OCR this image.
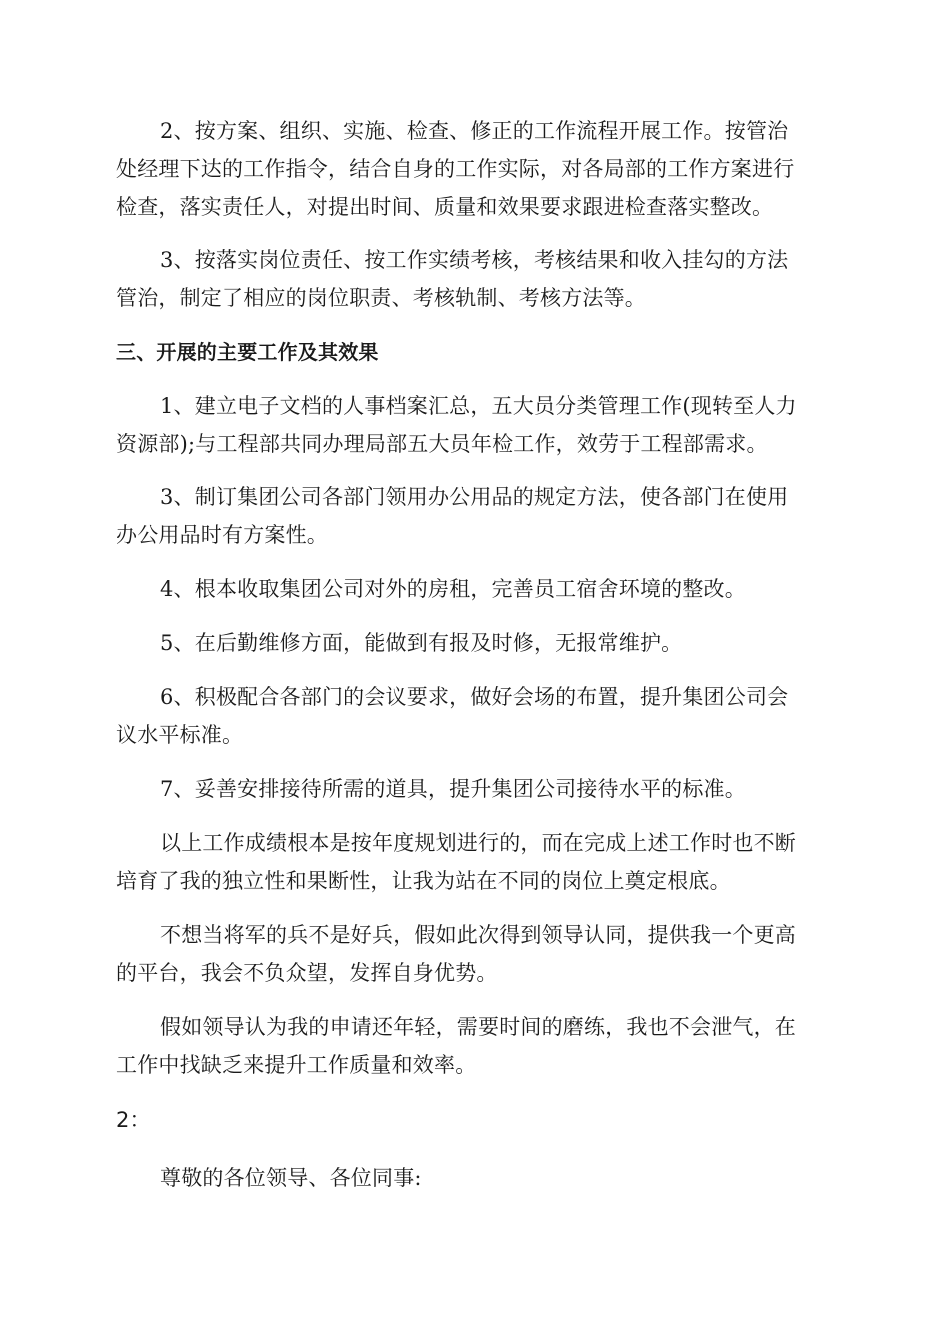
2、按方案、组织、实施、检查、修正的工作流程开展工作。按管治
处经理下达的工作指令，结合自身的工作实际，对各局部的工作方案进行
检查，落实责任人，对提出时间、质量和效果要求跟进检查落实整改。
3、按落实岗位责任、按工作实绩考核，考核结果和收入挂勾的方法
管治，制定了相应的岗位职责、考核轨制、考核方法等。
三、开展的主要工作及其效果
1、建立电子文档的人事档案汇总，五大员分类管理工作(现转至人力
资源部);与工程部共同办理局部五大员年检工作，效劳于工程部需求。
3、制订集团公司各部门领用办公用品的规定方法，使各部门在使用
办公用品时有方案性。
4、根本收取集团公司对外的房租，完善员工宿舍环境的整改。
5、在后勤维修方面，能做到有报及时修，无报常维护。
6、积极配合各部门的会议要求，做好会场的布置，提升集团公司会
议水平标准。
7、妥善安排接待所需的道具，提升集团公司接待水平的标准。
以上工作成绩根本是按年度规划进行的，而在完成上述工作时也不断
培育了我的独立性和果断性，让我为站在不同的岗位上奠定根底。
不想当将军的兵不是好兵，假如此次得到领导认同，提供我一个更高
的平台，我会不负众望，发挥自身优势。
假如领导认为我的申请还年轻，需要时间的磨练，我也不会泄气，在
工作中找缺乏来提升工作质量和效率。
2：
尊敬的各位领导、各位同事:
